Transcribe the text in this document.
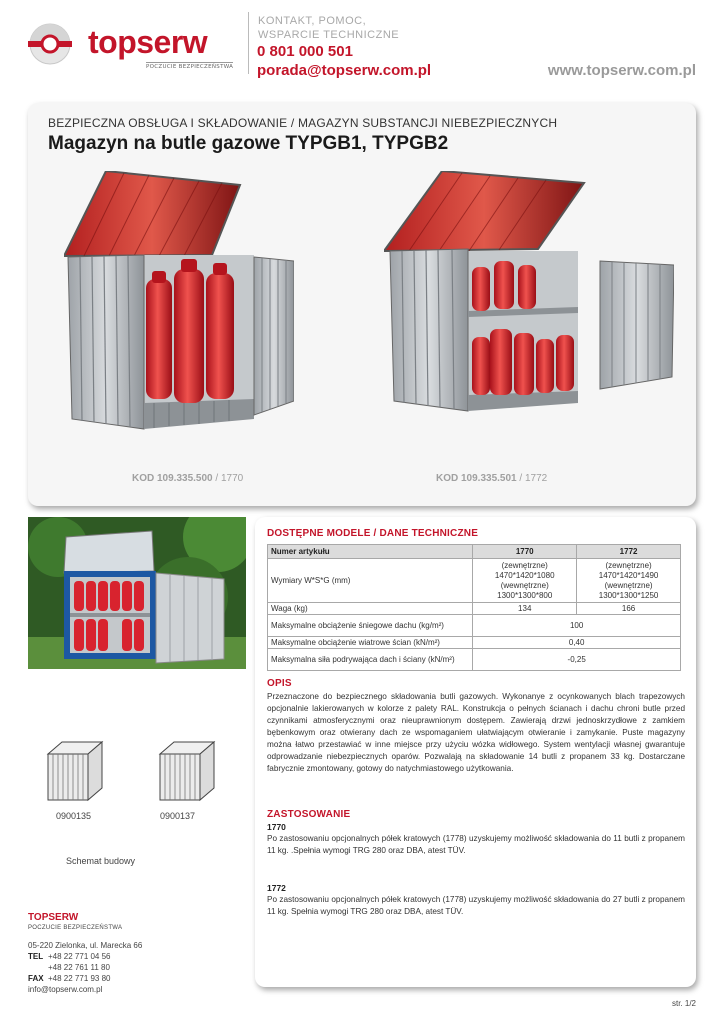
topserw
POCZUCIE BEZPIECZEŃSTWA
KONTAKT, POMOC, WSPARCIE TECHNICZNE
0 801 000 501
porada@topserw.com.pl	www.topserw.com.pl
BEZPIECZNA OBSŁUGA I SKŁADOWANIE / MAGAZYN SUBSTANCJI NIEBEZPIECZNYCH
Magazyn na butle gazowe TYPGB1, TYPGB2
KOD 109.335.500 / 1770	KOD 109.335.501 / 1772
0900135	0900137
Schemat budowy
TOPSERW
POCZUCIE BEZPIECZEŃSTWA
05-220 Zielonka, ul. Marecka 66
TEL +48 22 771 04 56
+48 22 761 11 80
FAX +48 22 771 93 80
info@topserw.com.pl
DOSTĘPNE MODELE / DANE TECHNICZNE
Numer artykułu	1770	1772
Wymiary W*S*G (mm)	(zewnętrzne)
1470*1420*1080
(wewnętrzne)
1300*1300*800	(zewnętrzne)
1470*1420*1490
(wewnętrzne)
1300*1300*1250
Waga (kg)	134	166
Maksymalne obciążenie śniegowe dachu (kg/m²)	100	
Maksymalne obciążenie wiatrowe ścian (kN/m²)	0,40	
Maksymalna siła podrywająca dach i ściany (kN/m²)	-0,25	
OPIS
Przeznaczone do bezpiecznego składowania butli gazowych. Wykonanye z ocynkowanych blach trapezowych opcjonalnie lakierowanych w kolorze z palety RAL. Konstrukcja o pełnych ścianach i dachu chroni butle przed czynnikami atmosferycznymi oraz nieuprawnionym dostępem. Zawierają drzwi jednoskrzydłowe z zamkiem bębenkowym oraz otwierany dach ze wspomaganiem ułatwiającym otwieranie i zamykanie. Puste magazyny można łatwo przestawiać w inne miejsce przy użyciu wózka widłowego. System wentylacji własnej gwarantuje odprowadzanie niebezpiecznych oparów. Pozwalają na składowanie 14 butli z propanem 33 kg. Dostarczane fabrycznie zmontowany, gotowy do natychmiastowego użytkowania.
ZASTOSOWANIE
1770
Po zastosowaniu opcjonalnych półek kratowych (1778) uzyskujemy możliwość składowania do 11 butli z propanem 11 kg. .Spełnia wymogi TRG 280 oraz DBA, atest TÜV.
1772
Po zastosowaniu opcjonalnych półek kratowych (1778) uzyskujemy możliwość składowania do 27 butli z propanem 11 kg. Spełnia wymogi TRG 280 oraz DBA, atest TÜV.
str. 1/2
